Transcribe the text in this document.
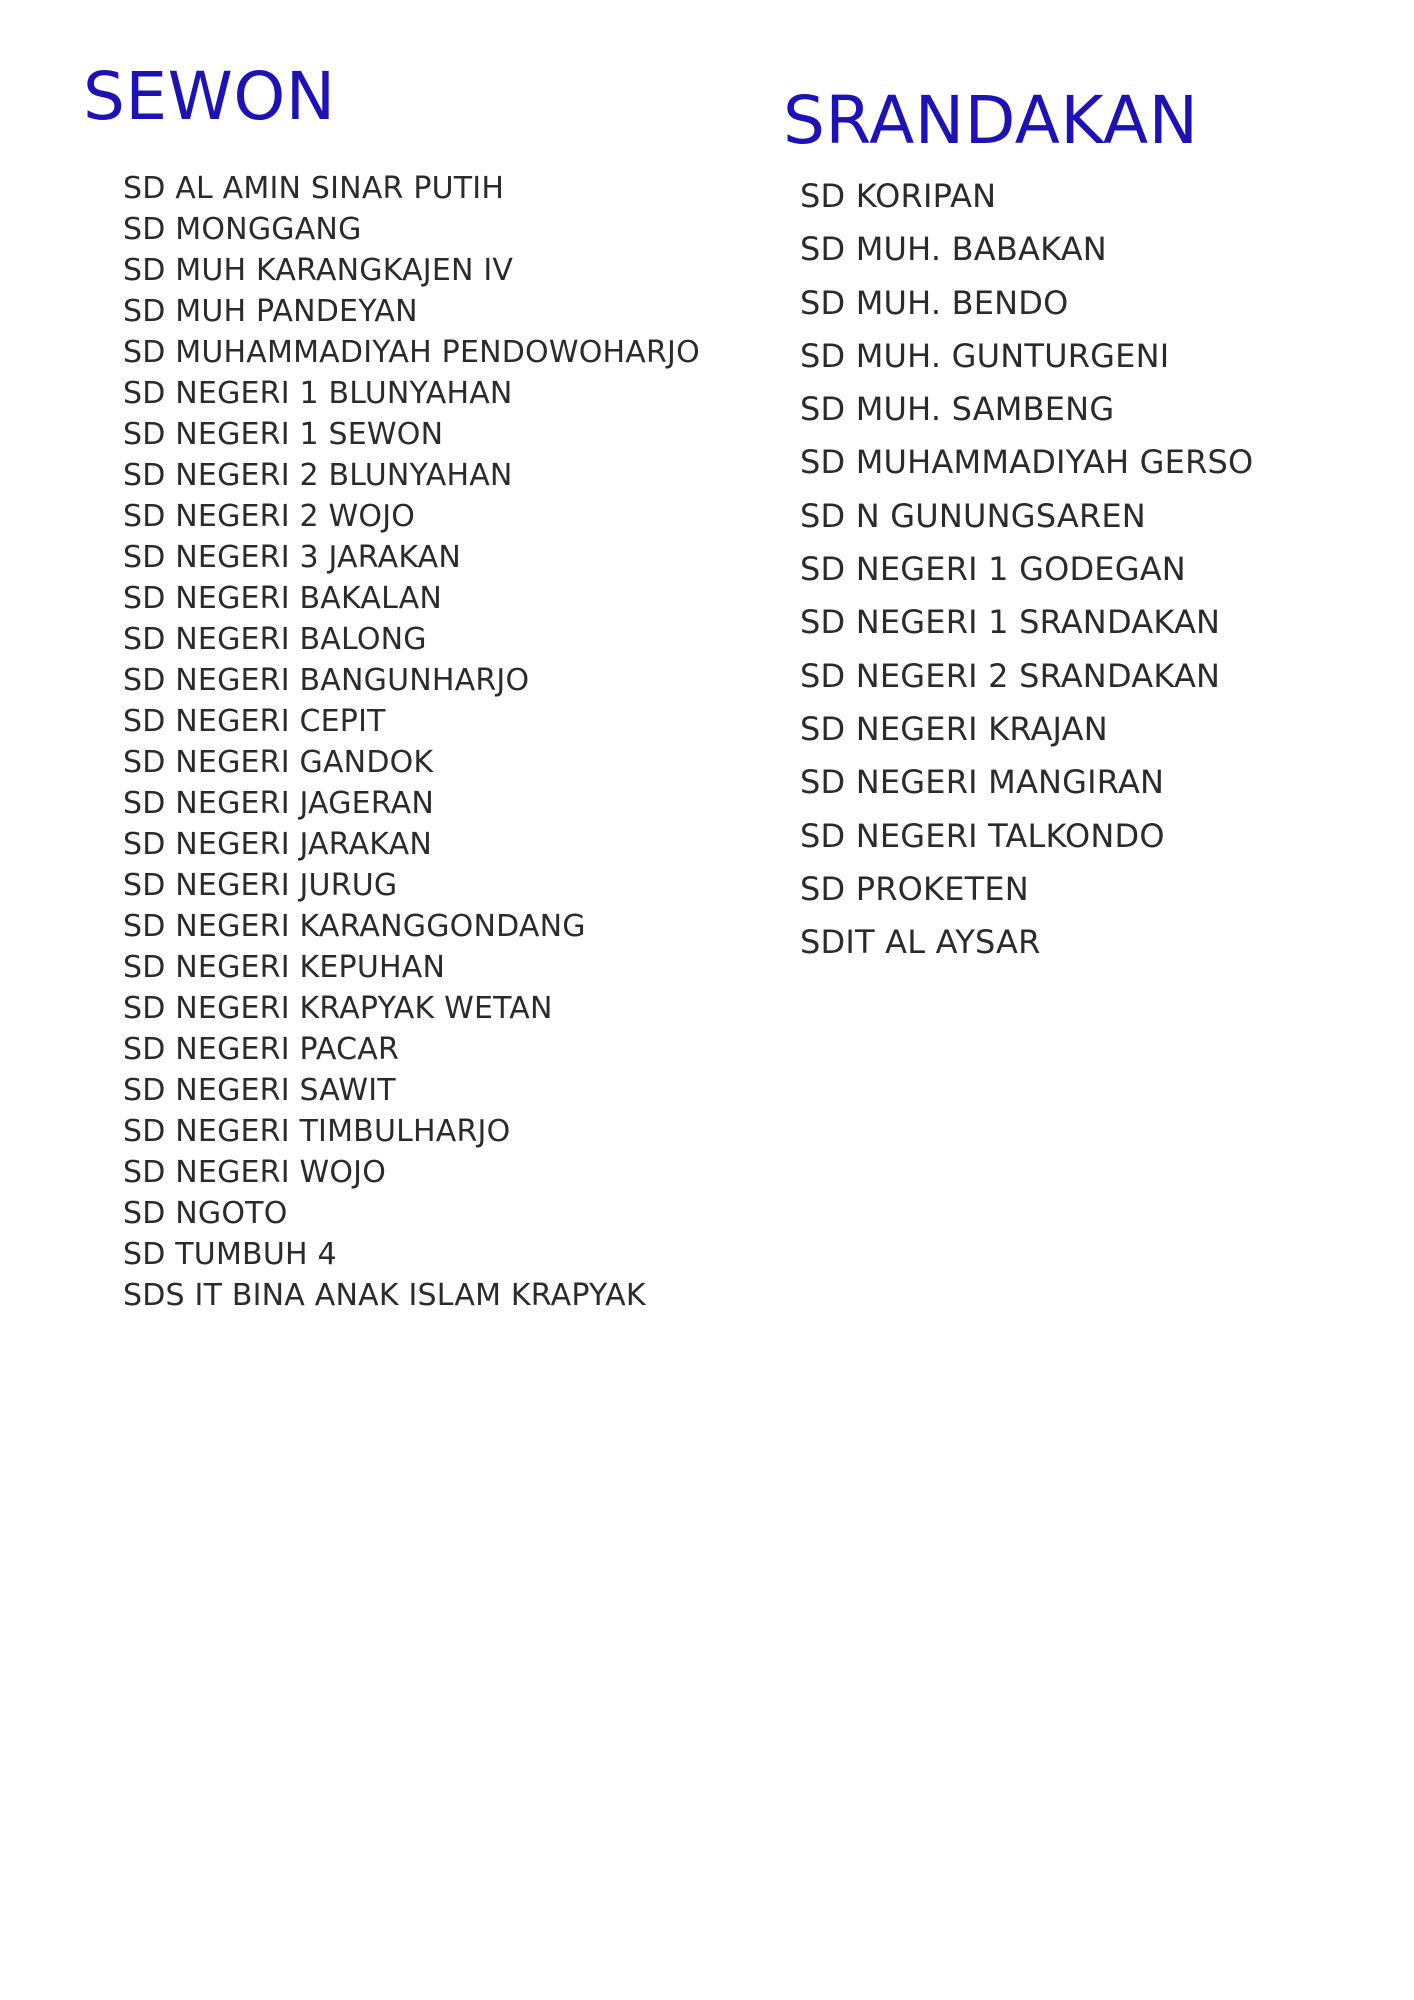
SEWON
SD AL AMIN SINAR PUTIH
SD MONGGANG
SD MUH KARANGKAJEN IV
SD MUH PANDEYAN
SD MUHAMMADIYAH PENDOWOHARJO
SD NEGERI 1 BLUNYAHAN
SD NEGERI 1 SEWON
SD NEGERI 2 BLUNYAHAN
SD NEGERI 2 WOJO
SD NEGERI 3 JARAKAN
SD NEGERI BAKALAN
SD NEGERI BALONG
SD NEGERI BANGUNHARJO
SD NEGERI CEPIT
SD NEGERI GANDOK
SD NEGERI JAGERAN
SD NEGERI JARAKAN
SD NEGERI JURUG
SD NEGERI KARANGGONDANG
SD NEGERI KEPUHAN
SD NEGERI KRAPYAK WETAN
SD NEGERI PACAR
SD NEGERI SAWIT
SD NEGERI TIMBULHARJO
SD NEGERI WOJO
SD NGOTO
SD TUMBUH 4
SDS IT BINA ANAK ISLAM KRAPYAK
SRANDAKAN
SD KORIPAN
SD MUH. BABAKAN
SD MUH. BENDO
SD MUH. GUNTURGENI
SD MUH. SAMBENG
SD MUHAMMADIYAH GERSO
SD N GUNUNGSAREN
SD NEGERI 1 GODEGAN
SD NEGERI 1 SRANDAKAN
SD NEGERI 2 SRANDAKAN
SD NEGERI KRAJAN
SD NEGERI MANGIRAN
SD NEGERI TALKONDO
SD PROKETEN
SDIT AL AYSAR
